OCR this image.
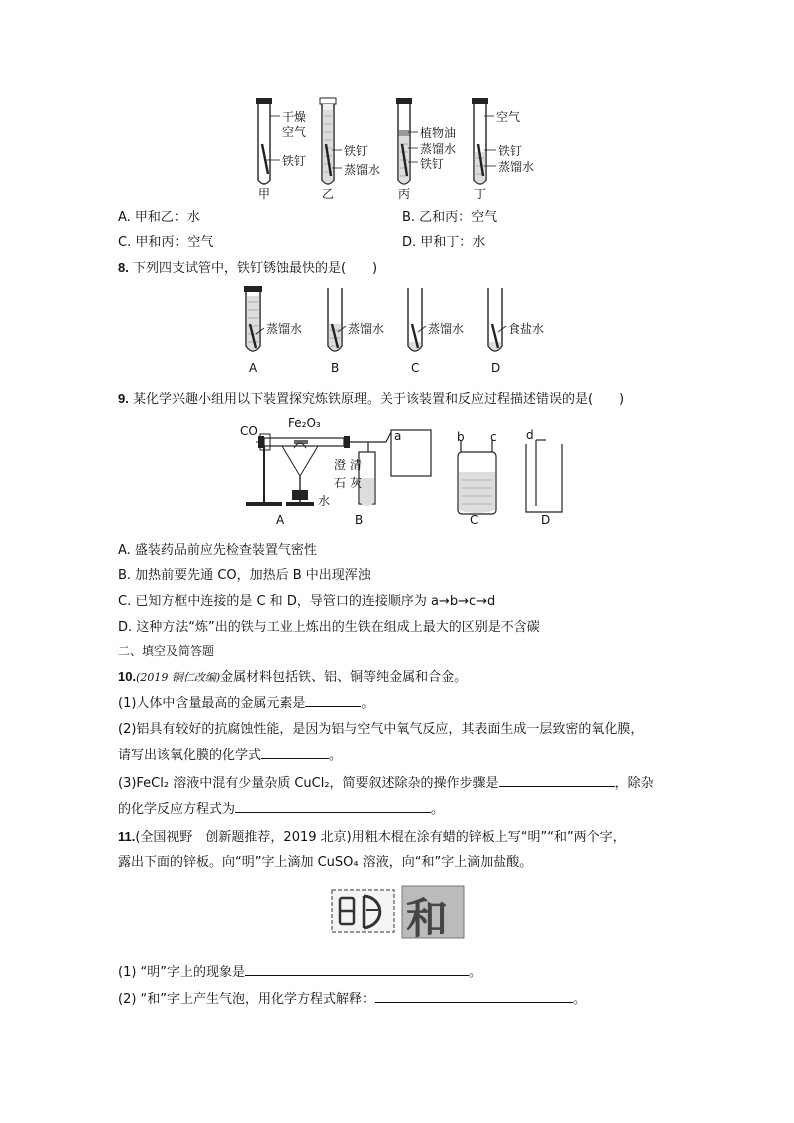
干燥
空气
铁钉
铁钉
蒸馏水
植物油
蒸馏水
铁钉
空气
铁钉
蒸馏水
甲	乙	丙	丁
A. 甲和乙：水	B. 乙和丙：空气
C. 甲和丙：空气	D. 甲和丁：水
8. 下列四支试管中，铁钉锈蚀最快的是(　　)
蒸馏水	蒸馏水	蒸馏水	食盐水
A	B	C	D
9. 某化学兴趣小组用以下装置探究炼铁原理。关于该装置和反应过程描述错误的是(　　)
CO
Fe₂O₃
a	b c d
澄
石
清
灰
水
A	B	C	D
A. 盛装药品前应先检查装置气密性
B. 加热前要先通 CO，加热后 B 中出现浑浊
C. 已知方框中连接的是 C 和 D，导管口的连接顺序为 a→b→c→d
D. 这种方法“炼”出的铁与工业上炼出的生铁在组成上最大的区别是不含碳
二、填空及简答题
10.(2019 铜仁改编)金属材料包括铁、铝、铜等纯金属和合金。
(1)人体中含量最高的金属元素是	。
(2)铝具有较好的抗腐蚀性能，是因为铝与空气中氧气反应，其表面生成一层致密的氧化膜，
请写出该氧化膜的化学式	。
(3)FeCl₂ 溶液中混有少量杂质 CuCl₂，简要叙述除杂的操作步骤是	，除杂
的化学反应方程式为	。
11.(全国视野　创新题推荐，2019 北京)用粗木棍在涂有蜡的锌板上写“明”“和”两个字，
露出下面的锌板。向“明”字上滴加 CuSO₄ 溶液，向“和”字上滴加盐酸。
和
(1) “明”字上的现象是	。
(2) “和”字上产生气泡，用化学方程式解释：	。
